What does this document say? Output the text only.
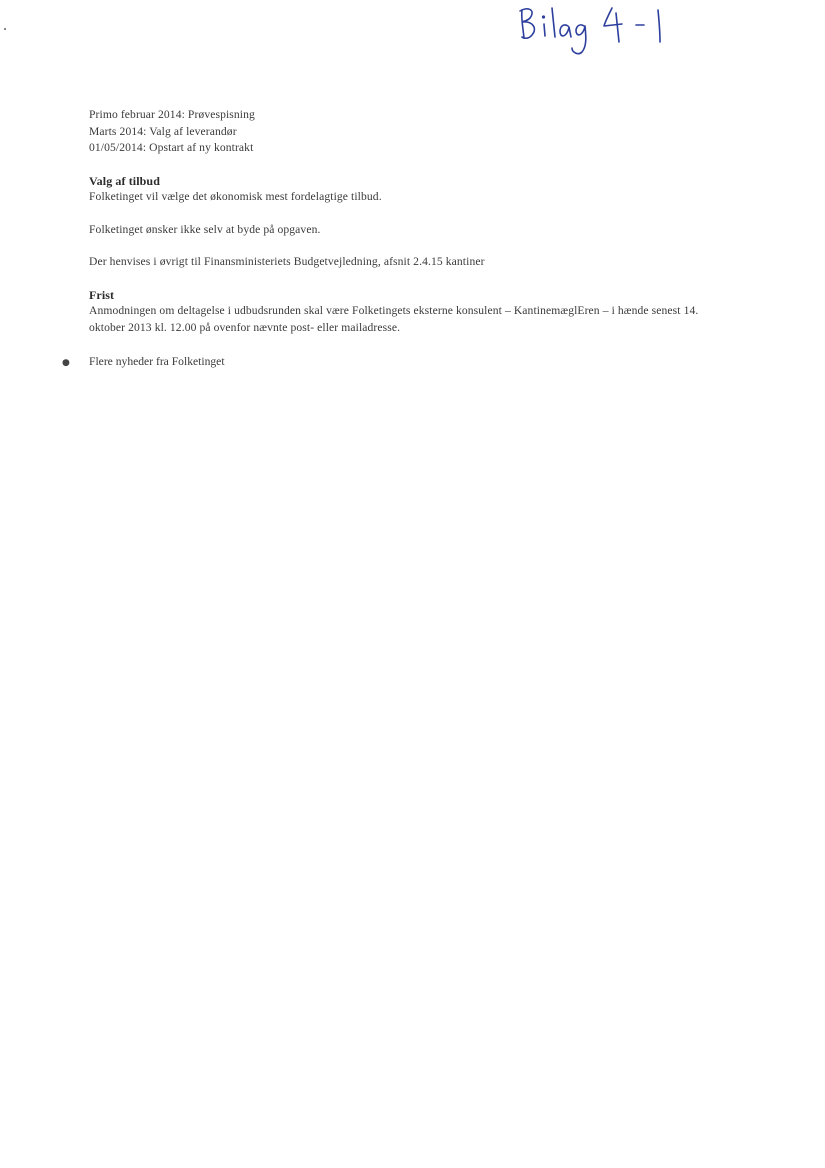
Primo februar 2014: Prøvespisning

Marts 2014: Valg af leverandør

01/05/2014: Opstart af ny kontrakt

Valg af tilbud

Folketinget vil vælge det økonomisk mest fordelagtige tilbud.

Folketinget ønsker ikke selv at byde på opgaven.

Der henvises i øvrigt til Finansministeriets Budgetvejledning, afsnit 2.4.15 kantiner

Frist

Anmodningen om deltagelse i udbudsrunden skal være Folketingets eksterne konsulent – KantinemæglEren – i hænde senest 14.

oktober 2013 kl. 12.00 på ovenfor nævnte post- eller mailadresse.

●	Flere nyheder fra Folketinget
